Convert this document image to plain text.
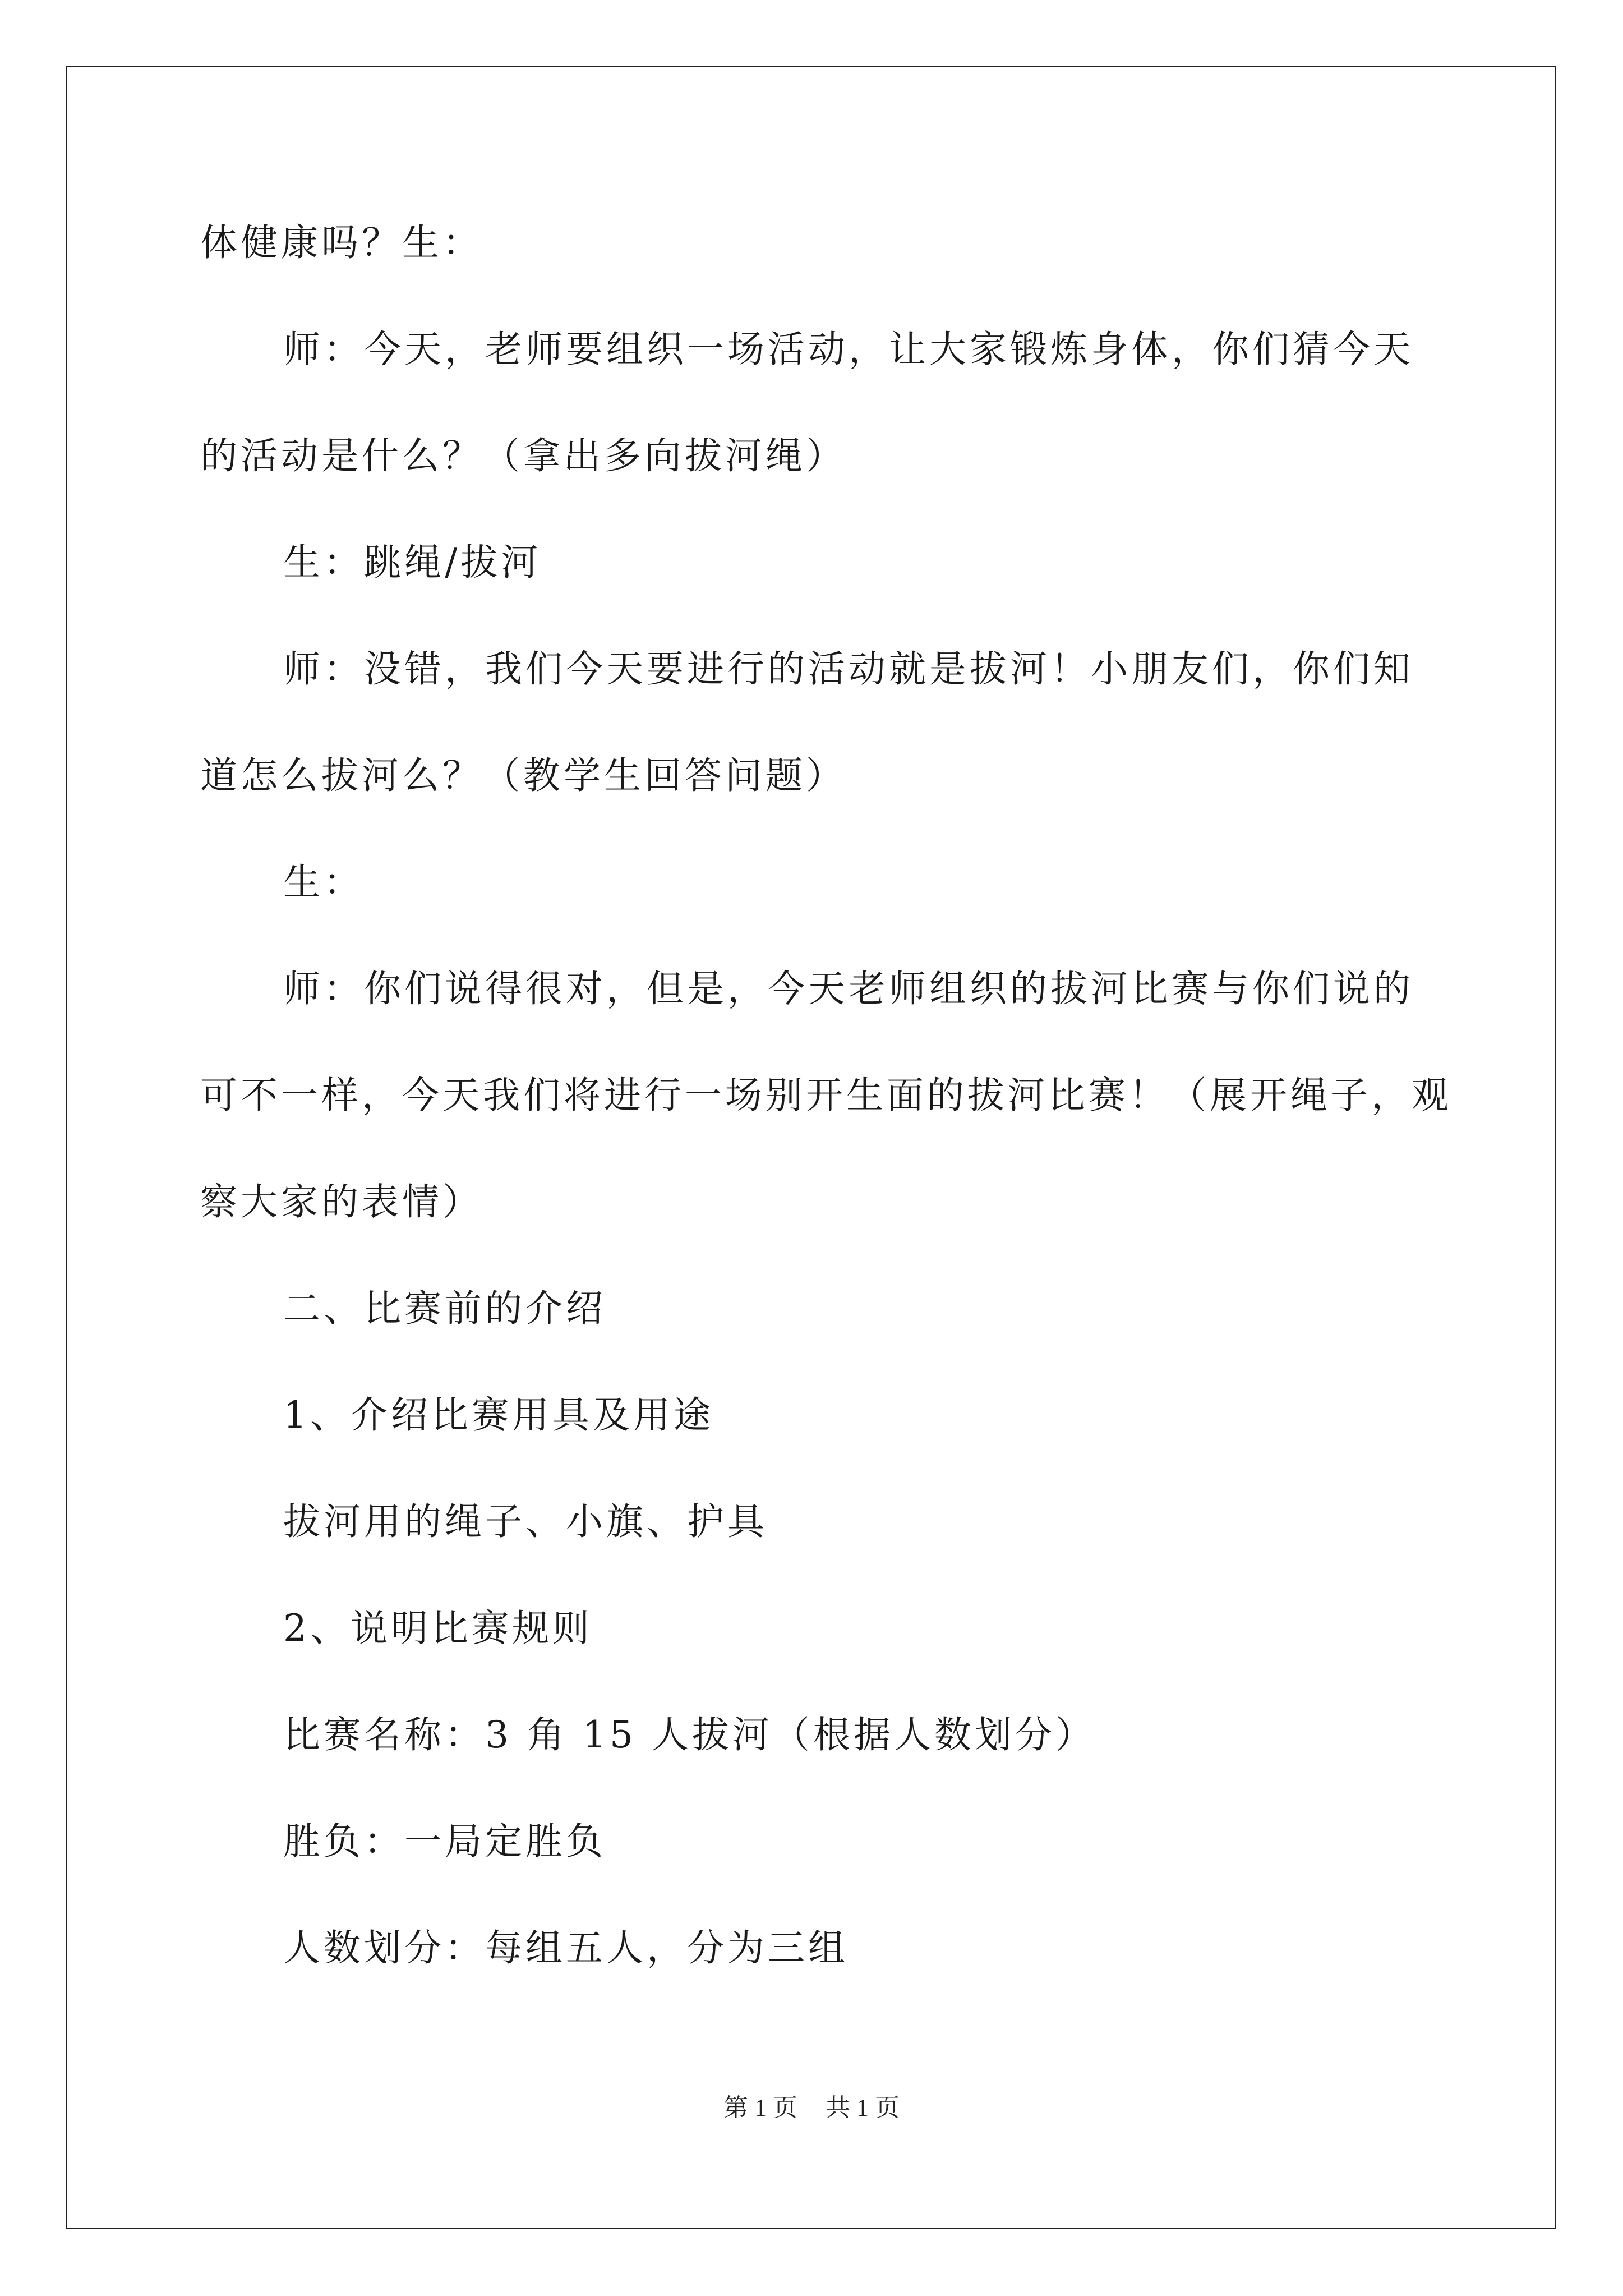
体健康吗？生：
师：今天，老师要组织一场活动，让大家锻炼身体，你们猜今天
的活动是什么？（拿出多向拔河绳）
生：跳绳/拔河
师：没错，我们今天要进行的活动就是拔河！小朋友们，你们知
道怎么拔河么？（教学生回答问题）
生：
师：你们说得很对，但是，今天老师组织的拔河比赛与你们说的
可不一样，今天我们将进行一场别开生面的拔河比赛！（展开绳子，观
察大家的表情）
二、比赛前的介绍
1、介绍比赛用具及用途
拔河用的绳子、小旗、护具
2、说明比赛规则
比赛名称：3 角 15 人拔河（根据人数划分）
胜负：一局定胜负
人数划分：每组五人，分为三组
第 1 页 共 1 页
